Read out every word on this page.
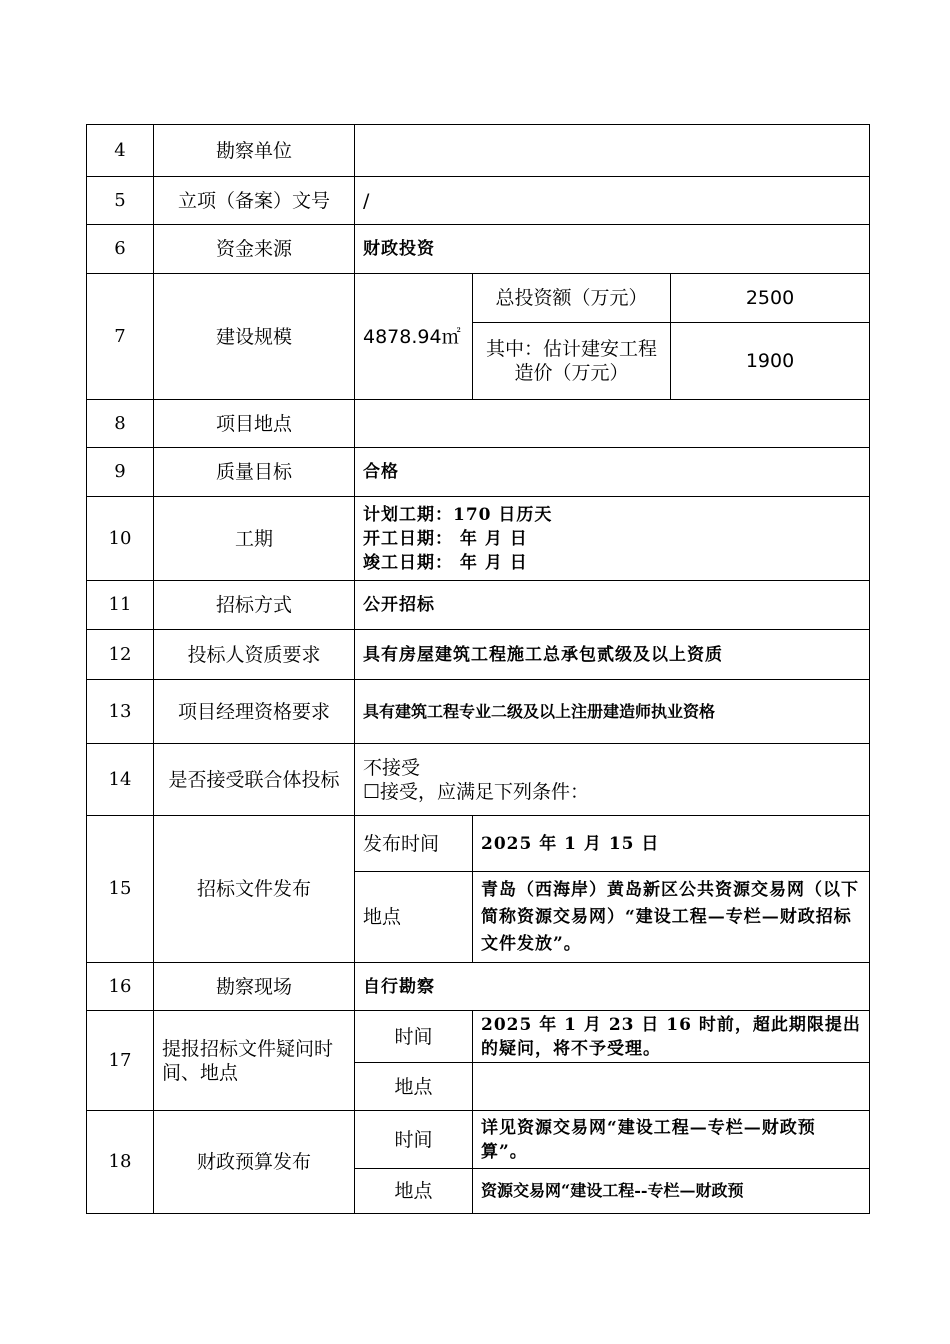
4	勘察单位			
5	立项（备案）文号	/		
6	资金来源	财政投资		
7	建设规模	4878.94㎡	总投资额（万元）	2500
			其中：估计建安工程造价（万元）	1900
8	项目地点			
9	质量目标	合格		
10	工期	计划工期：170 日历天
开工日期： 年 月 日
竣工日期： 年 月 日		

11	招标方式	公开招标		
12	投标人资质要求	具有房屋建筑工程施工总承包贰级及以上资质		
13	项目经理资格要求	具有建筑工程专业二级及以上注册建造师执业资格		
14	是否接受联合体投标	不接受
☐接受，应满足下列条件：		

15	招标文件发布	发布时间	2025 年 1 月 15 日	
		地点	青岛（西海岸）黄岛新区公共资源交易网（以下简称资源交易网）“建设工程—专栏—财政招标文件发放”。	
16	勘察现场	自行勘察		
17	提报招标文件疑问时间、地点	时间	2025 年 1 月 23 日 16 时前，超此期限提出的疑问，将不予受理。	
		地点		
18	财政预算发布	时间	详见资源交易网“建设工程—专栏—财政预算”。	
		地点	资源交易网“建设工程--专栏—财政预	
